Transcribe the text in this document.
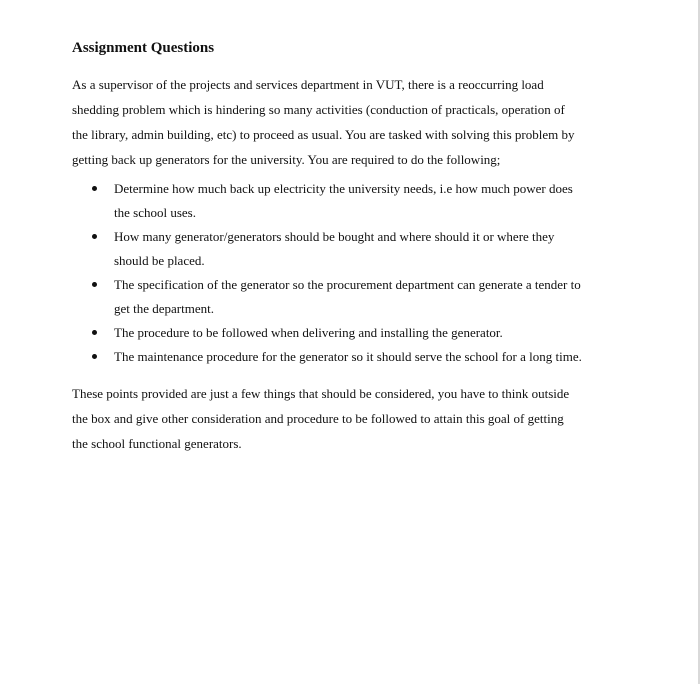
Assignment Questions

As a supervisor of the projects and services department in VUT, there is a reoccurring load
shedding problem which is hindering so many activities (conduction of practicals, operation of
the library, admin building, etc) to proceed as usual. You are tasked with solving this problem by
getting back up generators for the university. You are required to do the following;

Determine how much back up electricity the university needs, i.e how much power does
the school uses.
How many generator/generators should be bought and where should it or where they
should be placed.
The specification of the generator so the procurement department can generate a tender to
get the department.
The procedure to be followed when delivering and installing the generator.
The maintenance procedure for the generator so it should serve the school for a long time.

These points provided are just a few things that should be considered, you have to think outside
the box and give other consideration and procedure to be followed to attain this goal of getting
the school functional generators.
